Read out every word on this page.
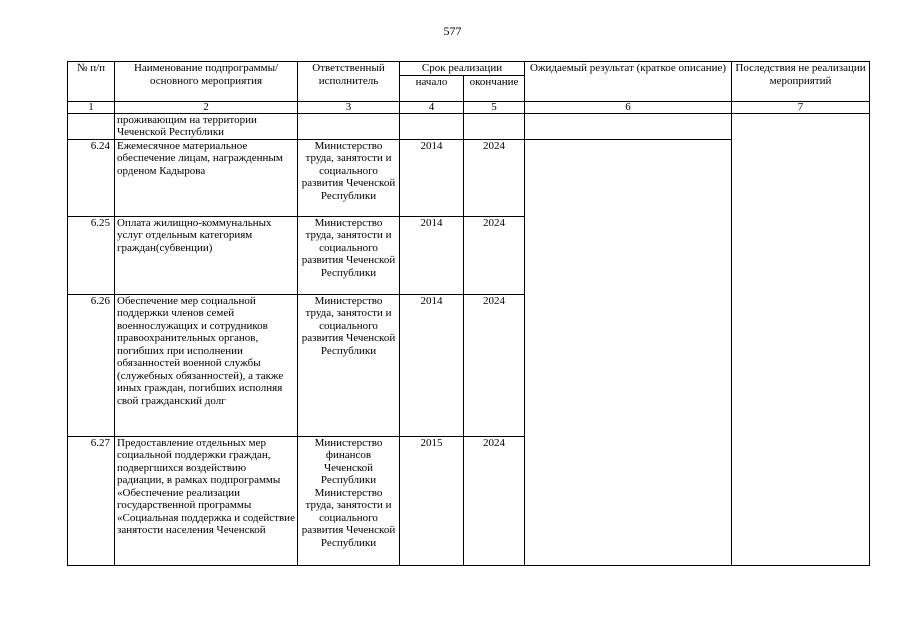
577
№ п/п	Наименование подпрограммы/ основного мероприятия	Ответственный исполнитель	Срок реализации		Ожидаемый результат (краткое описание)	Последствия не реализации мероприятий
			начало	окончание		
1	2	3	4	5	6	7
	проживающим на территории Чеченской Республики					
6.24	Ежемесячное материальное обеспечение лицам, награжденным орденом Кадырова	Министерство труда, занятости и социального развития Чеченской Республики	2014	2024		
6.25	Оплата жилищно-коммунальных услуг отдельным категориям граждан(субвенции)	Министерство труда, занятости и социального развития Чеченской Республики	2014	2024		
6.26	Обеспечение мер социальной поддержки членов семей военнослужащих и сотрудников правоохранительных органов, погибших при исполнении обязанностей военной службы (служебных обязанностей), а также иных граждан, погибших исполняя свой гражданский долг	Министерство труда, занятости и социального развития Чеченской Республики	2014	2024		
6.27	Предоставление отдельных мер социальной поддержки граждан, подвергшихся воздействию радиации, в рамках подпрограммы «Обеспечение реализации государственной программы «Социальная поддержка и содействие занятости населения Чеченской	Министерство финансов Чеченской Республики Министерство труда, занятости и социального развития Чеченской Республики	2015	2024		
